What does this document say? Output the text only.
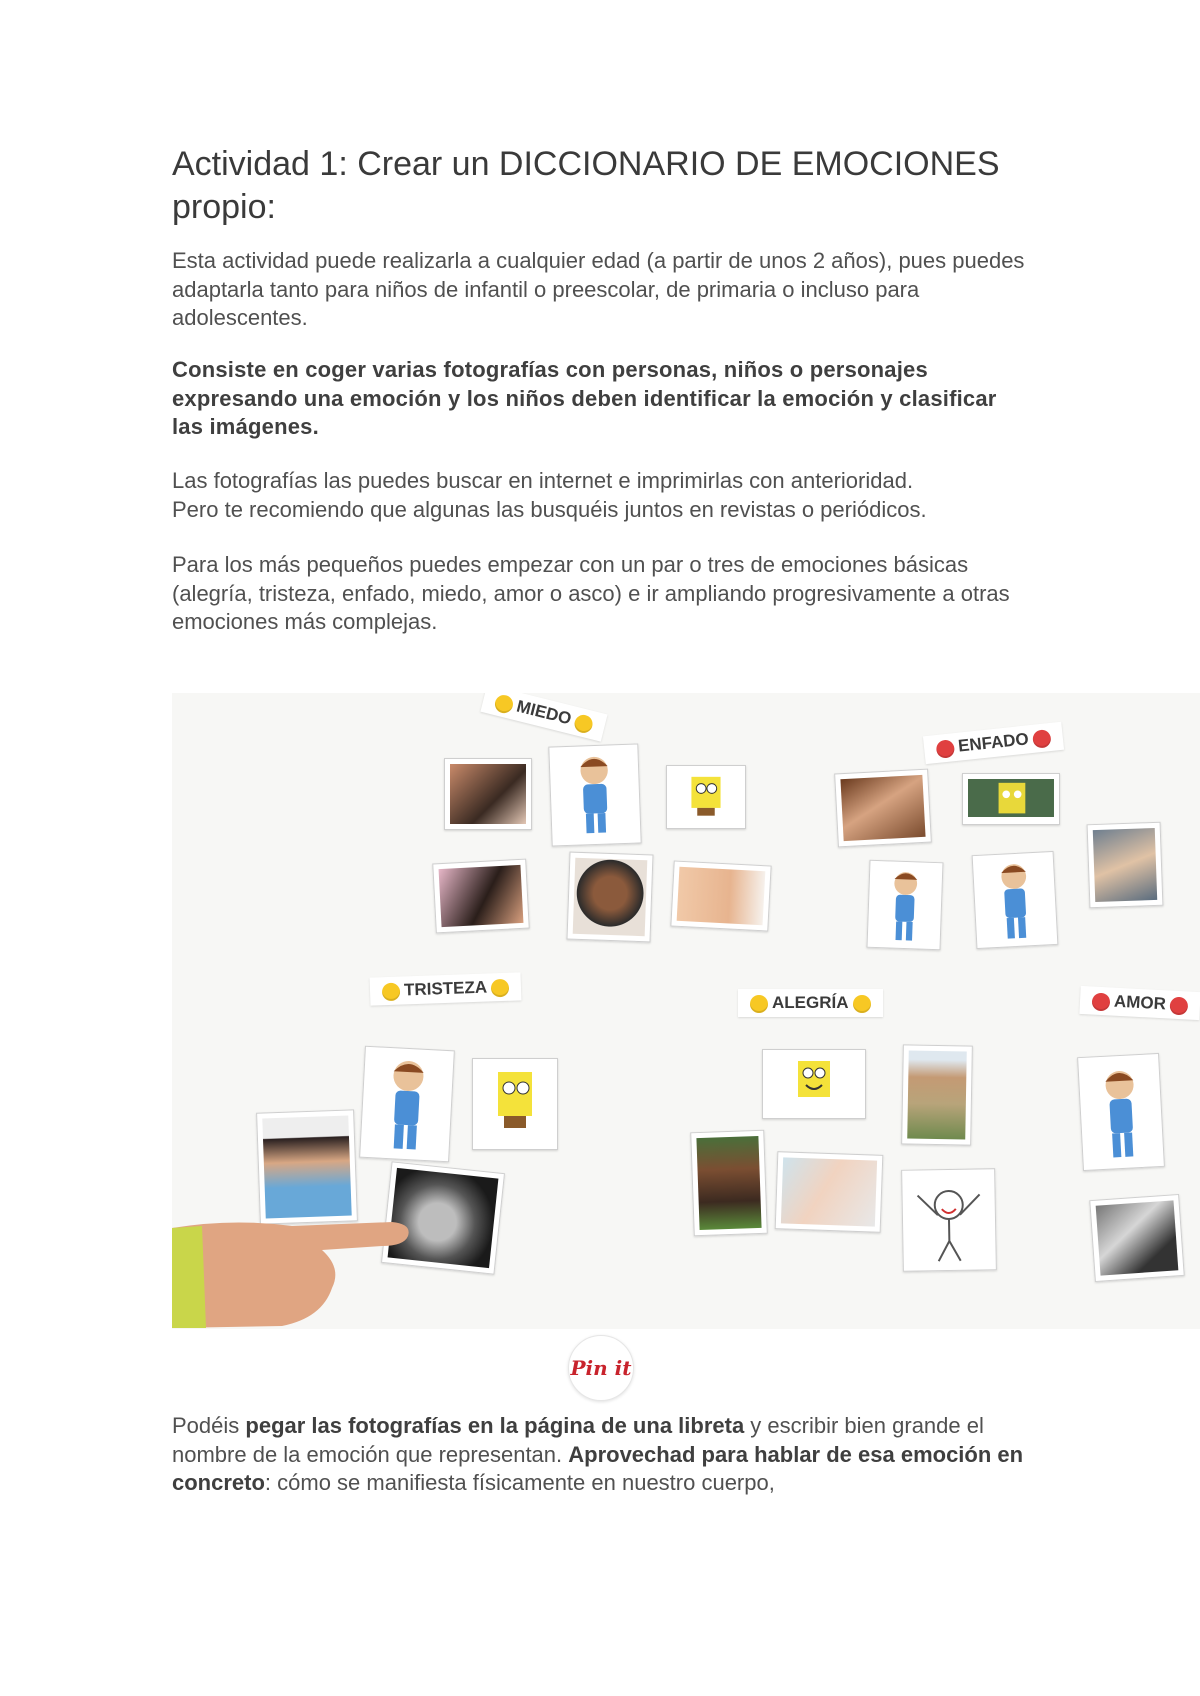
Actividad 1: Crear un DICCIONARIO DE EMOCIONES propio:

Esta actividad puede realizarla a cualquier edad (a partir de unos 2 años), pues puedes adaptarla tanto para niños de infantil o preescolar, de primaria o incluso para adolescentes.

Consiste en coger varias fotografías con personas, niños o personajes expresando una emoción y los niños deben identificar la emoción y clasificar las imágenes.

Las fotografías las puedes buscar en internet e imprimirlas con anterioridad.
Pero te recomiendo que algunas las busquéis juntos en revistas o periódicos.
Para los más pequeños puedes empezar con un par o tres de emociones básicas
(alegría, tristeza, enfado, miedo, amor o asco) e ir ampliando progresivamente a otras emociones más complejas.
MIEDO
ENFADO
TRISTEZA
ALEGRÍA	AMOR
Pin it

Podéis pegar las fotografías en la página de una libreta y escribir bien grande el nombre de la emoción que representan. Aprovechad para hablar de esa emoción en concreto: cómo se manifiesta físicamente en nuestro cuerpo,
